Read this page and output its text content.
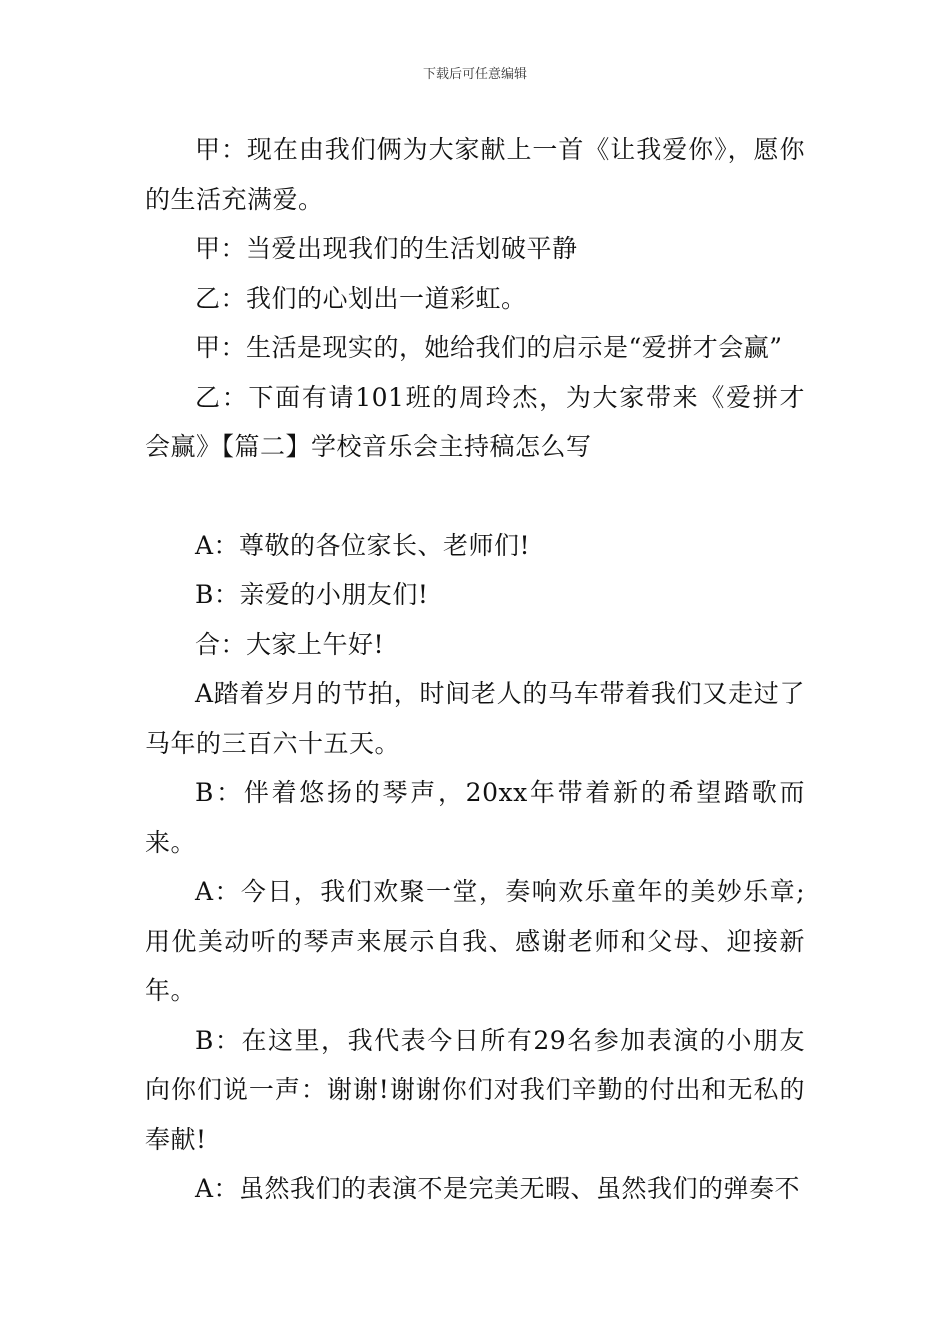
下载后可任意编辑

甲：现在由我们俩为大家献上一首《让我爱你》，愿你的生活充满爱。

甲：当爱出现我们的生活划破平静

乙：我们的心划出一道彩虹。

甲：生活是现实的，她给我们的启示是“爱拼才会赢”

乙：下面有请101班的周玲杰，为大家带来《爱拼才会赢》【篇二】学校音乐会主持稿怎么写

A：尊敬的各位家长、老师们!

B：亲爱的小朋友们!

合：大家上午好!

A踏着岁月的节拍，时间老人的马车带着我们又走过了马年的三百六十五天。

B：伴着悠扬的琴声，20xx年带着新的希望踏歌而来。

A：今日，我们欢聚一堂，奏响欢乐童年的美妙乐章;用优美动听的琴声来展示自我、感谢老师和父母、迎接新年。

B：在这里，我代表今日所有29名参加表演的小朋友向你们说一声：谢谢!谢谢你们对我们辛勤的付出和无私的奉献!

A：虽然我们的表演不是完美无暇、虽然我们的弹奏不
